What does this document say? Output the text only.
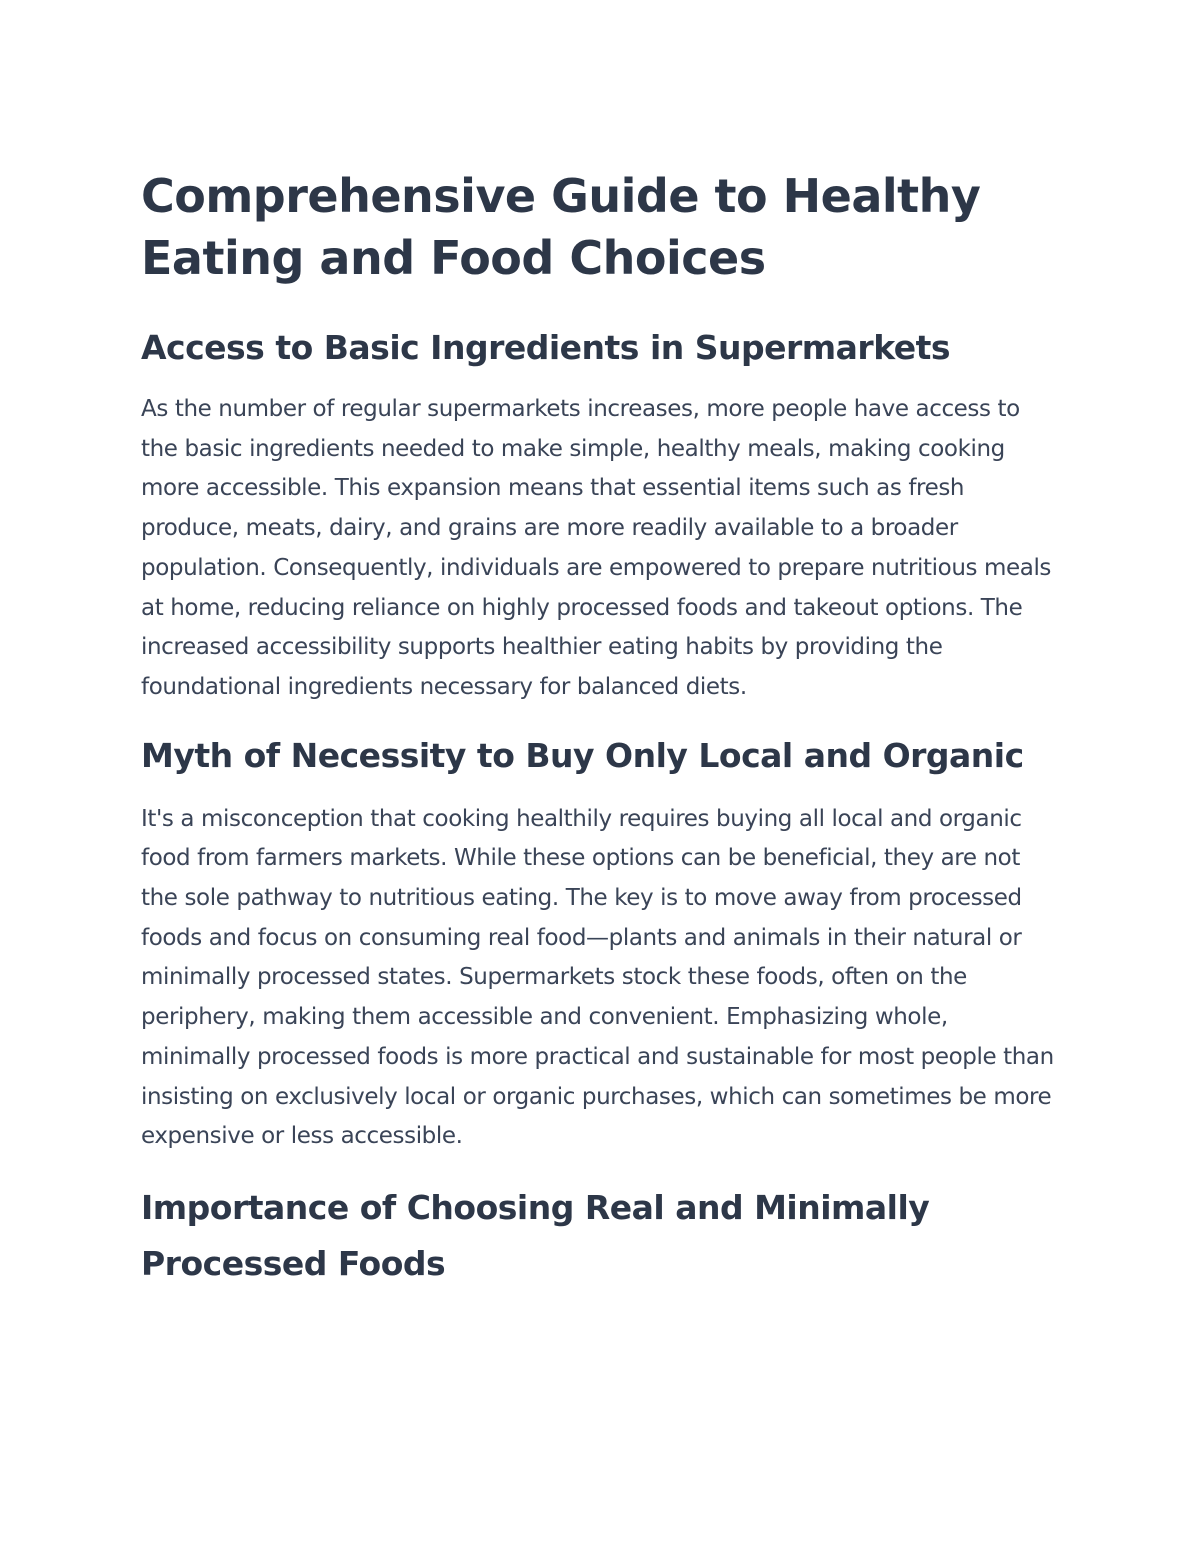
Comprehensive Guide to Healthy Eating and Food Choices
Access to Basic Ingredients in Supermarkets

As the number of regular supermarkets increases, more people have access to the basic ingredients needed to make simple, healthy meals, making cooking more accessible. This expansion means that essential items such as fresh produce, meats, dairy, and grains are more readily available to a broader population. Consequently, individuals are empowered to prepare nutritious meals at home, reducing reliance on highly processed foods and takeout options. The increased accessibility supports healthier eating habits by providing the foundational ingredients necessary for balanced diets.

Myth of Necessity to Buy Only Local and Organic

It's a misconception that cooking healthily requires buying all local and organic food from farmers markets. While these options can be beneficial, they are not the sole pathway to nutritious eating. The key is to move away from processed foods and focus on consuming real food—plants and animals in their natural or minimally processed states. Supermarkets stock these foods, often on the periphery, making them accessible and convenient. Emphasizing whole, minimally processed foods is more practical and sustainable for most people than insisting on exclusively local or organic purchases, which can sometimes be more expensive or less accessible.

Importance of Choosing Real and Minimally Processed Foods
